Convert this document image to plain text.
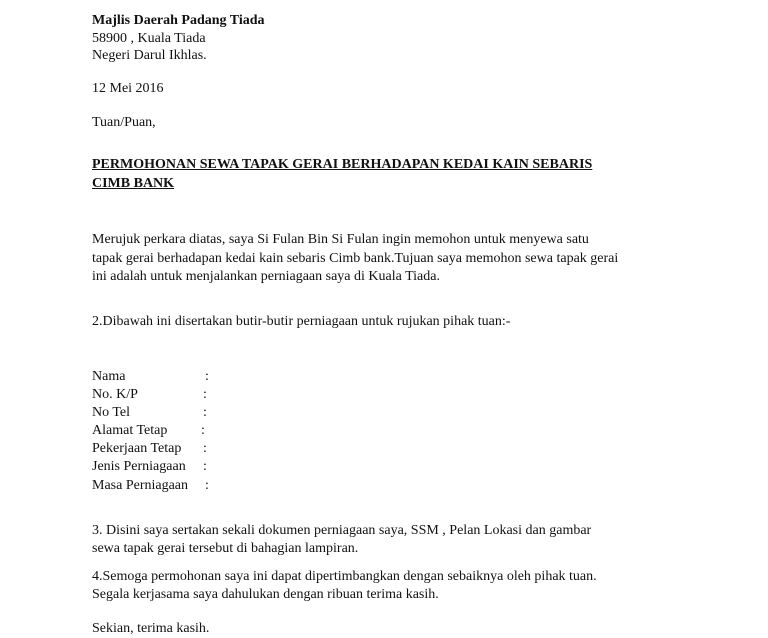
Majlis Daerah Padang Tiada
58900 , Kuala Tiada
Negeri Darul Ikhlas.
12 Mei 2016
Tuan/Puan,
PERMOHONAN SEWA TAPAK GERAI BERHADAPAN KEDAI KAIN SEBARIS
CIMB BANK
Merujuk perkara diatas, saya Si Fulan Bin Si Fulan ingin memohon untuk menyewa satu
tapak gerai berhadapan kedai kain sebaris Cimb bank.Tujuan saya memohon sewa tapak gerai
ini adalah untuk menjalankan perniagaan saya di Kuala Tiada.
2.Dibawah ini disertakan butir-butir perniagaan untuk rujukan pihak tuan:-
Nama	:
No. K/P	:
No Tel	:
Alamat Tetap :
Pekerjaan Tetap :
Jenis Perniagaan :
Masa Perniagaan :
3. Disini saya sertakan sekali dokumen perniagaan saya, SSM , Pelan Lokasi dan gambar
sewa tapak gerai tersebut di bahagian lampiran.
4.Semoga permohonan saya ini dapat dipertimbangkan dengan sebaiknya oleh pihak tuan.
Segala kerjasama saya dahulukan dengan ribuan terima kasih.
Sekian, terima kasih.
